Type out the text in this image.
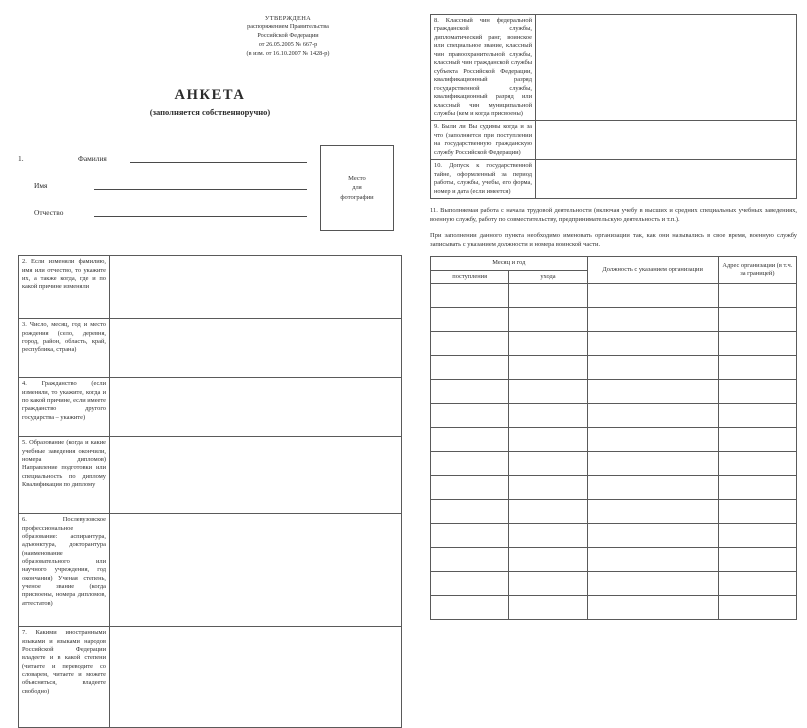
УТВЕРЖДЕНА
распоряжением Правительства
Российской Федерации
от 26.05.2005 № 667-р
(в изм. от 16.10.2007 № 1428-р)
АНКЕТА
(заполняется собственноручно)
Место
для
фотографии
1.	Фамилия
Имя
Отчество
2. Если изменяли фамилию, имя или отчество, то укажите их, а также когда, где и по какой причине изменяли	
3. Число, месяц, год и место рождения (село, деревня, город, район, область, край, республика, страна)	
4. Гражданство (если изменяли, то укажите, когда и по какой причине, если имеете гражданство другого государства – укажите)	
5. Образование (когда и какие учебные заведения окончили, номера дипломов) Направление подготовки или специальность по диплому Квалификация по диплому	
6. Послевузовское профессиональное образование: аспирантура, адъюнктура, докторантура (наименование образовательного или научного учреждения, год окончания) Ученая степень, ученое звание (когда присвоены, номера дипломов, аттестатов)	
7. Какими иностранными языками и языками народов Российской Федерации владеете и в какой степени (читаете и переводите со словарем, читаете и можете объясняться, владеете свободно)	
8. Классный чин федеральной гражданской службы, дипломатический ранг, воинское или специальное звание, классный чин правоохранительной службы, классный чин гражданской службы субъекта Российской Федерации, квалификационный разряд государственной службы, квалификационный разряд или классный чин муниципальной службы (кем и когда присвоены)	
9. Были ли Вы судимы когда и за что (заполняется при поступлении на государственную гражданскую службу Российской Федерации)	
10. Допуск к государственной тайне, оформленный за период работы, службы, учебы, его форма, номер и дата (если имеется)	
11. Выполняемая работа с начала трудовой деятельности (включая учебу в высших и средних специальных учебных заведениях, военную службу, работу по совместительству, предпринимательскую деятельность и т.п.).
При заполнении данного пункта необходимо именовать организации так, как они назывались в свое время, военную службу записывать с указанием должности и номера воинской части.
Месяц и год		Должность с указанием организации	Адрес организации (в т.ч. за границей)
поступления	ухода		
